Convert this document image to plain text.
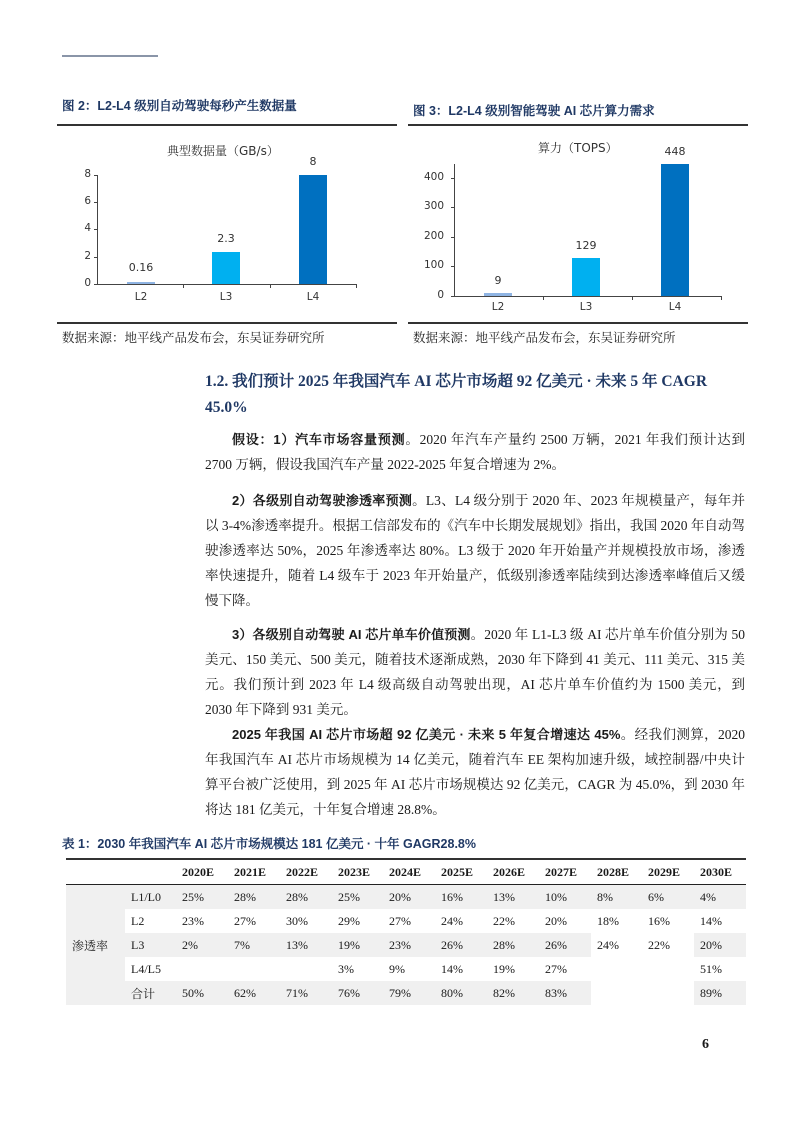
图 2：L2-L4 级别自动驾驶每秒产生数据量
典型数据量（GB/s）
0
2
4
6
8
0.16
2.3
8
L2	L3	L4
数据来源：地平线产品发布会，东吴证券研究所
图 3：L2-L4 级别智能驾驶 AI 芯片算力需求
算力（TOPS）
0
100
200
300
400
9
129
448
L2	L3	L4
数据来源：地平线产品发布会，东吴证券研究所
1.2. 我们预计 2025 年我国汽车 AI 芯片市场超 92 亿美元 · 未来 5 年 CAGR
45.0%
假设：1）汽车市场容量预测。2020 年汽车产量约 2500 万辆，2021 年我们预计达到 2700 万辆，假设我国汽车产量 2022-2025 年复合增速为 2%。
2）各级别自动驾驶渗透率预测。L3、L4 级分别于 2020 年、2023 年规模量产，每年并以 3-4%渗透率提升。根据工信部发布的《汽车中长期发展规划》指出，我国 2020 年自动驾驶渗透率达 50%，2025 年渗透率达 80%。L3 级于 2020 年开始量产并规模投放市场，渗透率快速提升，随着 L4 级车于 2023 年开始量产，低级别渗透率陆续到达渗透率峰值后又缓慢下降。
3）各级别自动驾驶 AI 芯片单车价值预测。2020 年 L1-L3 级 AI 芯片单车价值分别为 50 美元、150 美元、500 美元，随着技术逐渐成熟，2030 年下降到 41 美元、111 美元、315 美元。我们预计到 2023 年 L4 级高级自动驾驶出现，AI 芯片单车价值约为 1500 美元，到 2030 年下降到 931 美元。
2025 年我国 AI 芯片市场超 92 亿美元 · 未来 5 年复合增速达 45%。经我们测算，2020 年我国汽车 AI 芯片市场规模为 14 亿美元，随着汽车 EE 架构加速升级，域控制器/中央计算平台被广泛使用，到 2025 年 AI 芯片市场规模达 92 亿美元，CAGR 为 45.0%，到 2030 年将达 181 亿美元，十年复合增速 28.8%。
表 1：2030 年我国汽车 AI 芯片市场规模达 181 亿美元 · 十年 GAGR28.8%
		2020E	2021E	2022E	2023E	2024E	2025E	2026E	2027E	2028E	2029E	2030E
渗透率	L1/L0	25%	28%	28%	25%	20%	16%	13%	10%	8%	6%	4%
	L2	23%	27%	30%	29%	27%	24%	22%	20%	18%	16%	14%
	L3	2%	7%	13%	19%	23%	26%	28%	26%	24%	22%	20%
	L4/L5				3%	9%	14%	19%	27%			51%
	合计	50%	62%	71%	76%	79%	80%	82%	83%			89%
6
